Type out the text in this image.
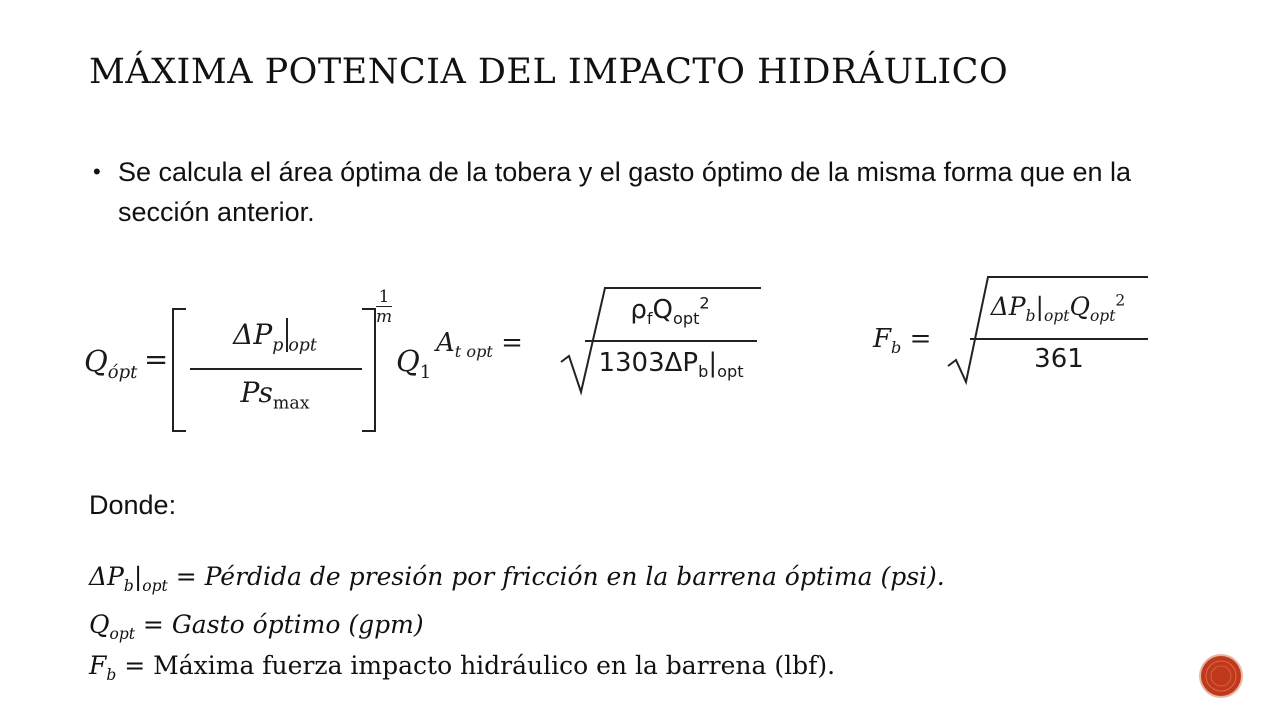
MÁXIMA POTENCIA DEL IMPACTO HIDRÁULICO
• Se calcula el área óptima de la tobera y el gasto óptimo de la misma forma que en la sección anterior.
$Q_{ópt}$ =
$\Delta P_p$ $_{opt}$
$Ps_{max}$
1
m
$Q_1$
$A_{t opt}$ =
$\rho_fQ_{opt}^2$
$1303\Delta P_b|_{opt}$
$F_b$ =
$\Delta P_b|_{opt}Q_{opt}^2$
361
Donde:
$\Delta P_b|_{opt}$ = Pérdida de presión por fricción en la barrena óptima (psi).
$Q_{opt}$ = Gasto óptimo (gpm)
$F_b$ = Máxima fuerza impacto hidráulico en la barrena (lbf).
